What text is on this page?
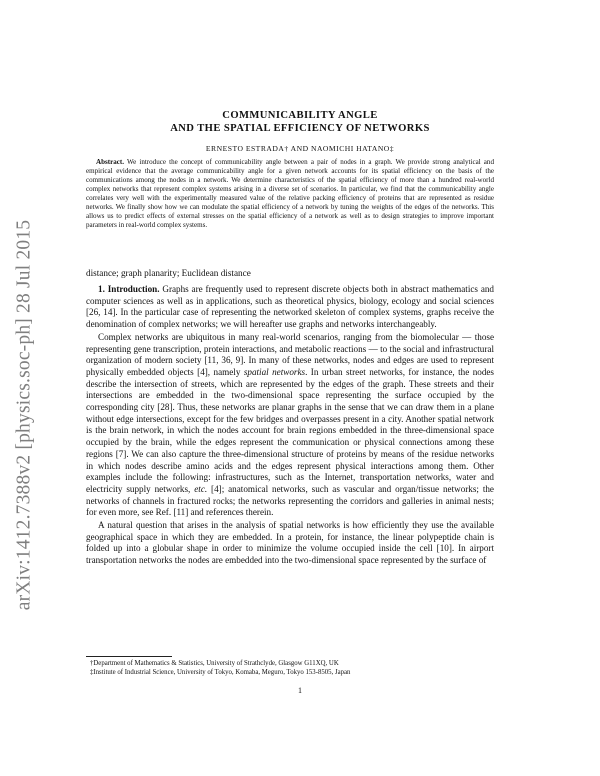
arXiv:1412.7388v2 [physics.soc-ph] 28 Jul 2015
COMMUNICABILITY ANGLE
AND THE SPATIAL EFFICIENCY OF NETWORKS
ERNESTO ESTRADA† AND NAOMICHI HATANO‡
Abstract. We introduce the concept of communicability angle between a pair of nodes in a graph. We provide strong analytical and empirical evidence that the average communicability angle for a given network accounts for its spatial efficiency on the basis of the communications among the nodes in a network. We determine characteristics of the spatial efficiency of more than a hundred real-world complex networks that represent complex systems arising in a diverse set of scenarios. In particular, we find that the communicability angle correlates very well with the experimentally measured value of the relative packing efficiency of proteins that are represented as residue networks. We finally show how we can modulate the spatial efficiency of a network by tuning the weights of the edges of the networks. This allows us to predict effects of external stresses on the spatial efficiency of a network as well as to design strategies to improve important parameters in real-world complex systems.
distance; graph planarity; Euclidean distance

1. Introduction. Graphs are frequently used to represent discrete objects both in abstract mathematics and computer sciences as well as in applications, such as theoretical physics, biology, ecology and social sciences [26, 14]. In the particular case of representing the networked skeleton of complex systems, graphs receive the denomination of complex networks; we will hereafter use graphs and networks interchangeably.

Complex networks are ubiquitous in many real-world scenarios, ranging from the biomolecular — those representing gene transcription, protein interactions, and metabolic reactions — to the social and infrastructural organization of modern society [11, 36, 9]. In many of these networks, nodes and edges are used to represent physically embedded objects [4], namely spatial networks. In urban street networks, for instance, the nodes describe the intersection of streets, which are represented by the edges of the graph. These streets and their intersections are embedded in the two-dimensional space representing the surface occupied by the corresponding city [28]. Thus, these networks are planar graphs in the sense that we can draw them in a plane without edge intersections, except for the few bridges and overpasses present in a city. Another spatial network is the brain network, in which the nodes account for brain regions embedded in the three-dimensional space occupied by the brain, while the edges represent the communication or physical connections among these regions [7]. We can also capture the three-dimensional structure of proteins by means of the residue networks in which nodes describe amino acids and the edges represent physical interactions among them. Other examples include the following: infrastructures, such as the Internet, transportation networks, water and electricity supply networks, etc. [4]; anatomical networks, such as vascular and organ/tissue networks; the networks of channels in fractured rocks; the networks representing the corridors and galleries in animal nests; for even more, see Ref. [11] and references therein.

A natural question that arises in the analysis of spatial networks is how efficiently they use the available geographical space in which they are embedded. In a protein, for instance, the linear polypeptide chain is folded up into a globular shape in order to minimize the volume occupied inside the cell [10]. In airport transportation networks the nodes are embedded into the two-dimensional space represented by the surface of

†Department of Mathematics & Statistics, University of Strathclyde, Glasgow G11XQ, UK
‡Institute of Industrial Science, University of Tokyo, Komaba, Meguro, Tokyo 153-8505, Japan
1
